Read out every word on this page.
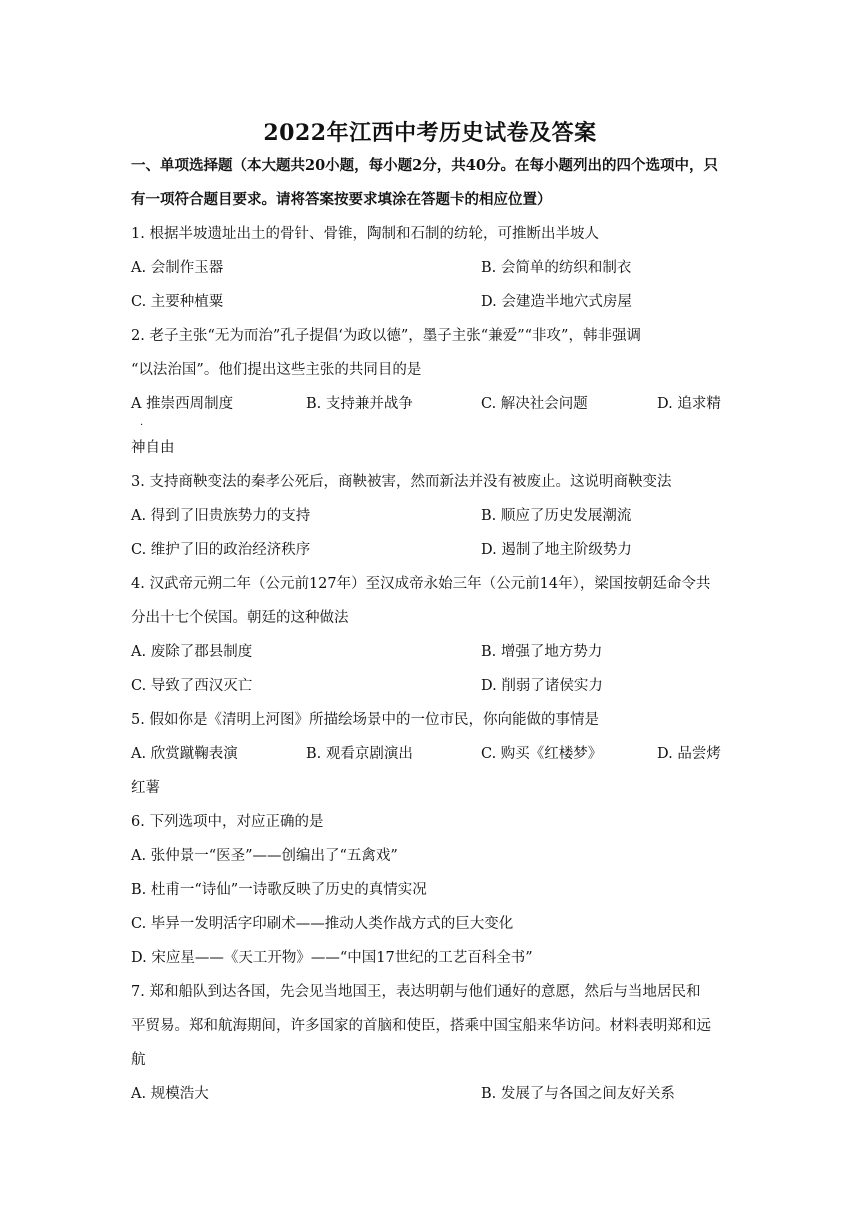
2022年江西中考历史试卷及答案
一、单项选择题（本大题共20小题，每小题2分，共40分。在每小题列出的四个选项中，只
有一项符合题目要求。请将答案按要求填涂在答题卡的相应位置）
1. 根据半坡遗址出土的骨针、骨锥，陶制和石制的纺轮，可推断出半坡人
A. 会制作玉器	B. 会简单的纺织和制衣
C. 主要种植粟	D. 会建造半地穴式房屋
2. 老子主张“无为而治”孔子提倡‘为政以德”，墨子主张“兼爱”“非攻”，韩非强调
“以法治国”。他们提出这些主张的共同目的是
A 推崇西周制度
·
B. 支持兼并战争	C. 解决社会问题	D. 追求精
神自由
3. 支持商鞅变法的秦孝公死后，商鞅被害，然而新法并没有被废止。这说明商鞅变法
A. 得到了旧贵族势力的支持	B. 顺应了历史发展潮流
C. 维护了旧的政治经济秩序	D. 遏制了地主阶级势力
4. 汉武帝元朔二年（公元前127年）至汉成帝永始三年（公元前14年），梁国按朝廷命令共
分出十七个侯国。朝廷的这种做法
A. 废除了郡县制度	B. 增强了地方势力
C. 导致了西汉灭亡	D. 削弱了诸侯实力
5. 假如你是《清明上河图》所描绘场景中的一位市民，你向能做的事情是
A. 欣赏蹴鞠表演	B. 观看京剧演出	C. 购买《红楼梦》	D. 品尝烤
红薯
6. 下列选项中，对应正确的是
A. 张仲景一“医圣”——创编出了“五禽戏”
B. 杜甫一“诗仙”一诗歌反映了历史的真情实况
C. 毕异一发明活字印刷术——推动人类作战方式的巨大变化
D. 宋应星——《天工开物》——“中国17世纪的工艺百科全书”
7. 郑和船队到达各国，先会见当地国王，表达明朝与他们通好的意愿，然后与当地居民和
平贸易。郑和航海期间，许多国家的首脑和使臣，搭乘中国宝船来华访问。材料表明郑和远
航
A. 规模浩大	B. 发展了与各国之间友好关系
